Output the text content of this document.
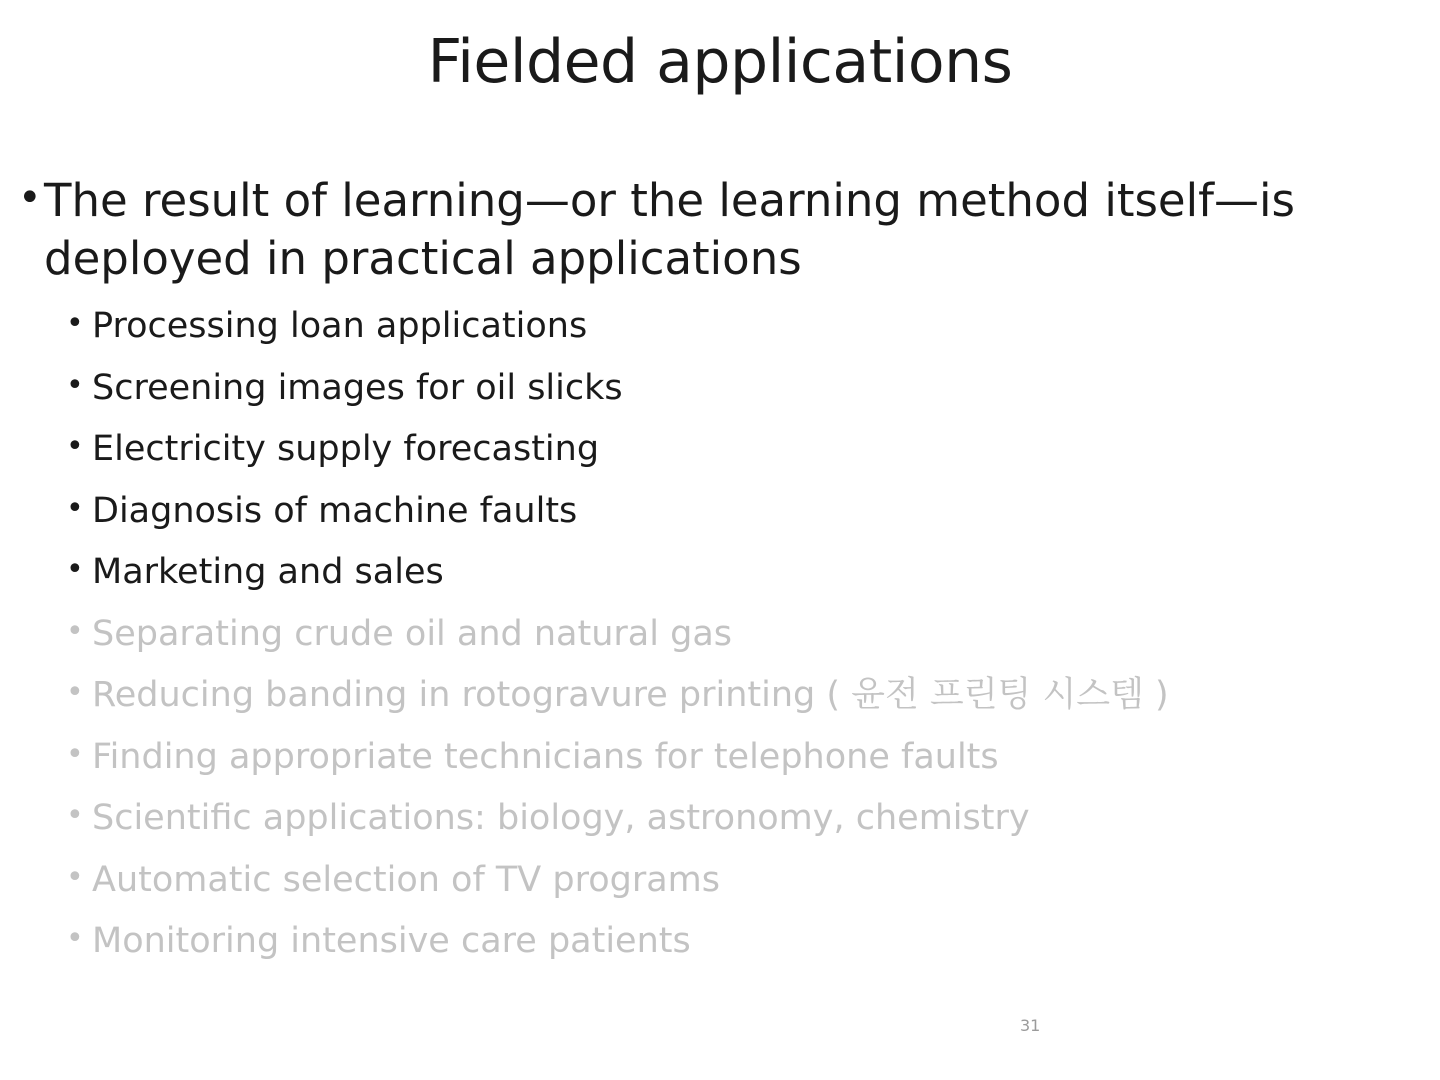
Fielded applications
• The result of learning—or the learning method itself—is deployed in practical applications
• Processing loan applications
• Screening images for oil slicks
• Electricity supply forecasting
• Diagnosis of machine faults
• Marketing and sales
• Separating crude oil and natural gas
• Reducing banding in rotogravure printing ( 윤전 프린팅 시스템 )
• Finding appropriate technicians for telephone faults
• Scientific applications: biology, astronomy, chemistry
• Automatic selection of TV programs
• Monitoring intensive care patients
31
